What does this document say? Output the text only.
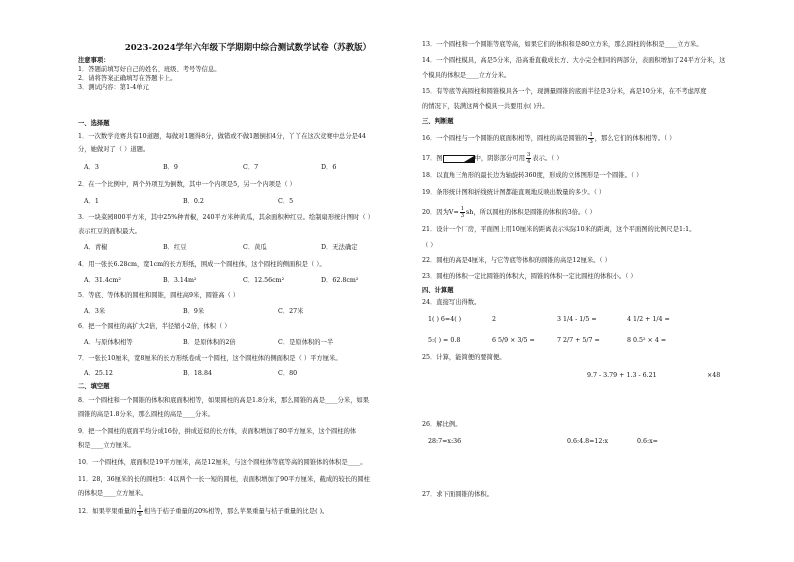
2023-2024学年六年级下学期期中综合测试数学试卷（苏教版）
注意事项：
1．答题前填写好自己的姓名、班级、考号等信息。
2．请将答案正确填写在答题卡上。
3．测试内容：第1-4单元
一、选择题
1．一次数学竞赛共有10道题，每做对1题得8分，做错或不做1题倒扣4分，丫丫在这次竞赛中总分是44
分，她做对了（ ）道题。
A．3	B．9	C．7	D．6
2．在一个比例中，两个外项互为倒数，其中一个内项是5，另一个内项是（ ）
A．1	B．0.2	C．5
3．一块菜园800平方米，其中25%种青椒，240平方米种黄瓜，其余面积种红豆。绘制扇形统计图时（ ）
表示红豆的面积最大。
A．青椒	B．红豆	C．黄瓜	D．无法确定
4．用一张长6.28cm，宽1cm的长方形纸，围成一个圆柱体，这个圆柱的侧面积是（ ）。
A．31.4cm²	B．3.14m²	C．12.56cm²	D．62.8cm²
5．等底、等体积的圆柱和圆锥，圆柱高9米，圆锥高（ ）
A．3米	B．9米	C．27米
6．把一个圆柱的高扩大2倍，半径缩小2倍，体积（ ）
A．与原体积相等	B．是原体积的2倍	C．是原体积的一半
7．一张长10厘米，宽8厘米的长方形纸卷成一个圆柱，这个圆柱体的侧面积是（ ）平方厘米。
A．25.12	B．18.84	C．80
二、填空题
8．一个圆柱和一个圆锥的体积和底面积相等，如果圆柱的高是1.8分米，那么圆锥的高是____分米，如果
圆锥的高是1.8分米，那么圆柱的高是____分米。
9．把一个圆柱的底面平均分成16份，拼成近似的长方体，表面积增加了80平方厘米，这个圆柱的体
积是____立方厘米。
10．一个圆柱体，底面积是19平方厘米，高是12厘米，与这个圆柱体等底等高的圆锥体的体积是____。
11．28，36厘米的长的圆柱5：4以两个一长一短的圆柱，表面积增加了90平方厘米，截成的较长的圆柱
的体积是____立方厘米。
12．如果苹果重量的 $\frac{1}{6}$ 相当于桔子重量的20%相等，那么苹果重量与桔子重量的比是( )。
13．一个圆柱和一个圆锥等底等高，如果它们的体积和是80立方米，那么圆柱的体积是____立方米。
14．一个圆柱模具，高是5分米，沿高垂直截成长方、大小完全相同的两部分，表面积增加了24平方分米，这
个模具的体积是____立方分米。
15．有等底等高圆柱和圆锥模具各一个，现测量圆锥的底面半径是3分米，高是10分米，在不考虑厚度
的情况下，装满这两个模具一共要用水( )升。
三、判断题
16．一个圆柱与一个圆锥的底面积相等，圆柱的高是圆锥的 $\frac{1}{3}$ ，那么它们的体积相等。（ ）
17．图	中，阴影部分可用 $\frac{3}{4}$ 表示。（ ）
18．以直角三角形的最长边为轴旋转360度，形成的立体图形是一个圆锥。（ ）
19．条形统计图和折线统计图都能直观地反映出数量的多少。（ ）
20．因为$V= \frac{1}{3}$ sh，所以圆柱的体积是圆锥的体积的3倍。（ ）
21．设计一个厂房，平面图上用10厘米的距离表示实际10米的距离，这个平面图的比例尺是1:1。
（ ）
22．圆柱的高是4厘米，与它等底等体积的圆锥的高是12厘米。（ ）
23．圆柱的体积一定比圆锥的体积大，圆锥的体积一定比圆柱的体积小。（ ）
四、计算题
24．直接写出得数。
1( ) 6=4( )	2	3 1/4 - 1/5 =	4 1/2 + 1/4 =
5:( ) = 0.8	6 5/9 × 3/5 =	7 2/7 + 5/7 =	8 0.5² × 4 =
25．计算，能简便的要简便。
9.7 - 3.79 + 1.3 - 6.21	×48
26．解比例。
28:7=x:36	0.6:4.8=12:x	0.6:x=
27．求下面圆锥的体积。
